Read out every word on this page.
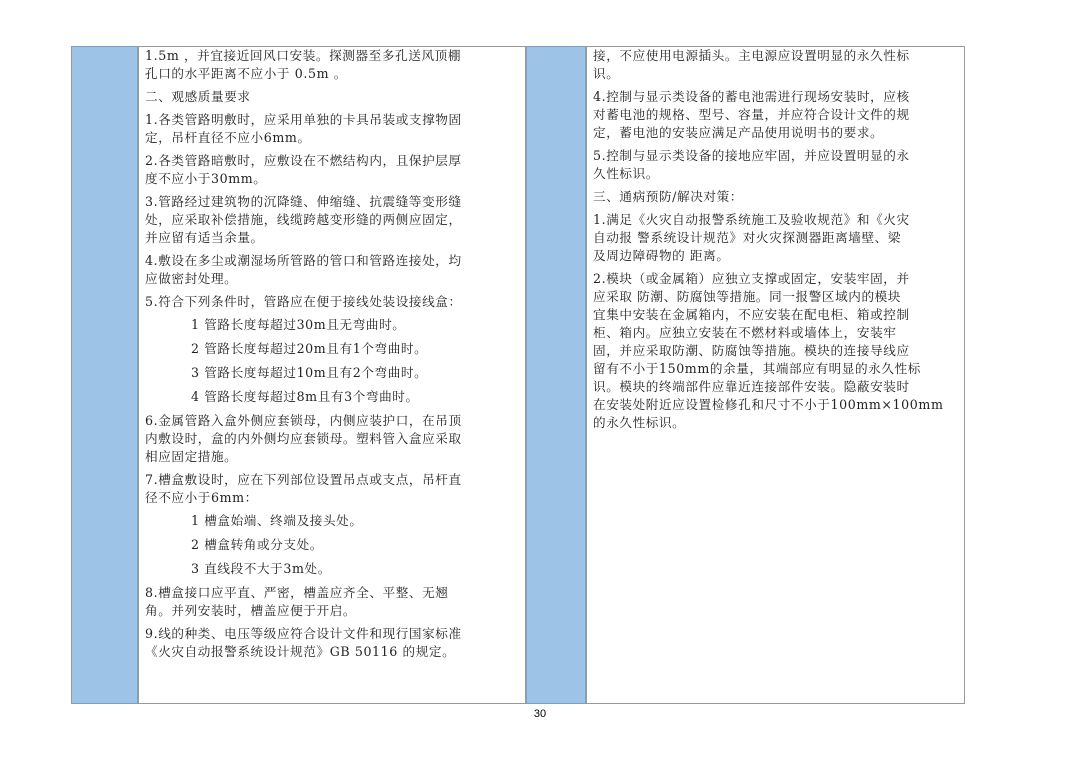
1.5m ，并宜接近回风口安装。探测器至多孔送风顶棚
孔口的水平距离不应小于 0.5m 。
二、观感质量要求
1.各类管路明敷时，应采用单独的卡具吊装或支撑物固
定，吊杆直径不应小6mm。
2.各类管路暗敷时，应敷设在不燃结构内，且保护层厚
度不应小于30mm。
3.管路经过建筑物的沉降缝、伸缩缝、抗震缝等变形缝
处，应采取补偿措施，线缆跨越变形缝的两侧应固定，
并应留有适当余量。
4.敷设在多尘或潮湿场所管路的管口和管路连接处，均
应做密封处理。
5.符合下列条件时，管路应在便于接线处装设接线盒：
1 管路长度每超过30m且无弯曲时。
2 管路长度每超过20m且有1个弯曲时。
3 管路长度每超过10m且有2个弯曲时。
4 管路长度每超过8m且有3个弯曲时。
6.金属管路入盒外侧应套锁母，内侧应装护口，在吊顶
内敷设时，盒的内外侧均应套锁母。塑料管入盒应采取
相应固定措施。
7.槽盒敷设时，应在下列部位设置吊点或支点，吊杆直
径不应小于6mm：
1 槽盒始端、终端及接头处。
2 槽盒转角或分支处。
3 直线段不大于3m处。
8.槽盒接口应平直、严密，槽盖应齐全、平整、无翘
角。并列安装时，槽盖应便于开启。
9.线的种类、电压等级应符合设计文件和现行国家标准
《火灾自动报警系统设计规范》GB 50116 的规定。
接，不应使用电源插头。主电源应设置明显的永久性标
识。
4.控制与显示类设备的蓄电池需进行现场安装时，应核
对蓄电池的规格、型号、容量，并应符合设计文件的规
定，蓄电池的安装应满足产品使用说明书的要求。
5.控制与显示类设备的接地应牢固，并应设置明显的永
久性标识。
三、通病预防/解决对策：
1.满足《火灾自动报警系统施工及验收规范》和《火灾
自动报 警系统设计规范》对火灾探测器距离墙壁、梁
及周边障碍物的 距离。
2.模块（或金属箱）应独立支撑或固定，安装牢固，并
应采取 防潮、防腐蚀等措施。同一报警区域内的模块
宜集中安装在金属箱内，不应安装在配电柜、箱或控制
柜、箱内。应独立安装在不燃材料或墙体上，安装牢
固，并应采取防潮、防腐蚀等措施。模块的连接导线应
留有不小于150mm的余量，其端部应有明显的永久性标
识。模块的终端部件应靠近连接部件安装。隐蔽安装时
在安装处附近应设置检修孔和尺寸不小于100mm×100mm
的永久性标识。
30
